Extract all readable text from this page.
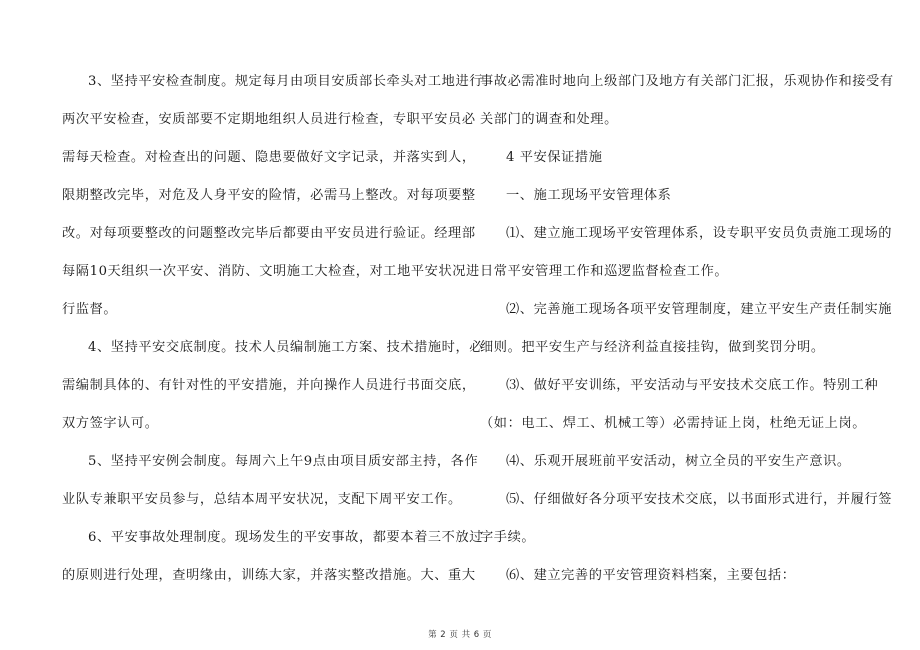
3、坚持平安检查制度。规定每月由项目安质部长牵头对工地进行
两次平安检查，安质部要不定期地组织人员进行检查，专职平安员必
需每天检查。对检查出的问题、隐患要做好文字记录，并落实到人，
限期整改完毕，对危及人身平安的险情，必需马上整改。对每项要整
改。对每项要整改的问题整改完毕后都要由平安员进行验证。经理部
每隔10天组织一次平安、消防、文明施工大检查，对工地平安状况进
行监督。
4、坚持平安交底制度。技术人员编制施工方案、技术措施时，必
需编制具体的、有针对性的平安措施，并向操作人员进行书面交底，
双方签字认可。
5、坚持平安例会制度。每周六上午9点由项目质安部主持，各作
业队专兼职平安员参与，总结本周平安状况，支配下周平安工作。
6、平安事故处理制度。现场发生的平安事故，都要本着三不放过
的原则进行处理，查明缘由，训练大家，并落实整改措施。大、重大
事故必需准时地向上级部门及地方有关部门汇报，乐观协作和接受有
关部门的调查和处理。
4 平安保证措施
一、施工现场平安管理体系
⑴、建立施工现场平安管理体系，设专职平安员负责施工现场的
日常平安管理工作和巡逻监督检查工作。
⑵、完善施工现场各项平安管理制度，建立平安生产责任制实施
细则。把平安生产与经济利益直接挂钩，做到奖罚分明。
⑶、做好平安训练，平安活动与平安技术交底工作。特别工种
（如：电工、焊工、机械工等）必需持证上岗，杜绝无证上岗。
⑷、乐观开展班前平安活动，树立全员的平安生产意识。
⑸、仔细做好各分项平安技术交底，以书面形式进行，并履行签
字手续。
⑹、建立完善的平安管理资料档案，主要包括：
第 2 页 共 6 页
